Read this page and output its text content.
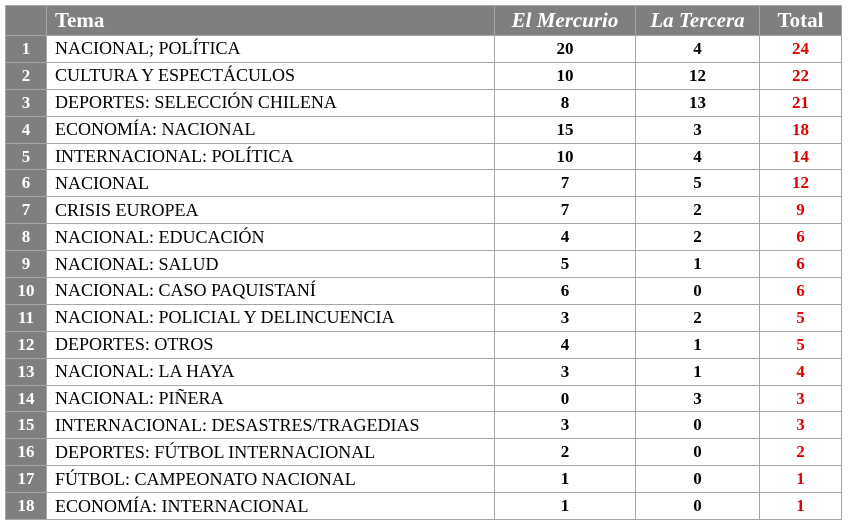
	Tema	El Mercurio	La Tercera	Total
1	NACIONAL; POLÍTICA	20	4	24
2	CULTURA Y ESPECTÁCULOS	10	12	22
3	DEPORTES: SELECCIÓN CHILENA	8	13	21
4	ECONOMÍA: NACIONAL	15	3	18
5	INTERNACIONAL: POLÍTICA	10	4	14
6	NACIONAL	7	5	12
7	CRISIS EUROPEA	7	2	9
8	NACIONAL: EDUCACIÓN	4	2	6
9	NACIONAL: SALUD	5	1	6
10	NACIONAL: CASO PAQUISTANÍ	6	0	6
11	NACIONAL: POLICIAL Y DELINCUENCIA	3	2	5
12	DEPORTES: OTROS	4	1	5
13	NACIONAL: LA HAYA	3	1	4
14	NACIONAL: PIÑERA	0	3	3
15	INTERNACIONAL: DESASTRES/TRAGEDIAS	3	0	3
16	DEPORTES: FÚTBOL INTERNACIONAL	2	0	2
17	FÚTBOL: CAMPEONATO NACIONAL	1	0	1
18	ECONOMÍA: INTERNACIONAL	1	0	1
